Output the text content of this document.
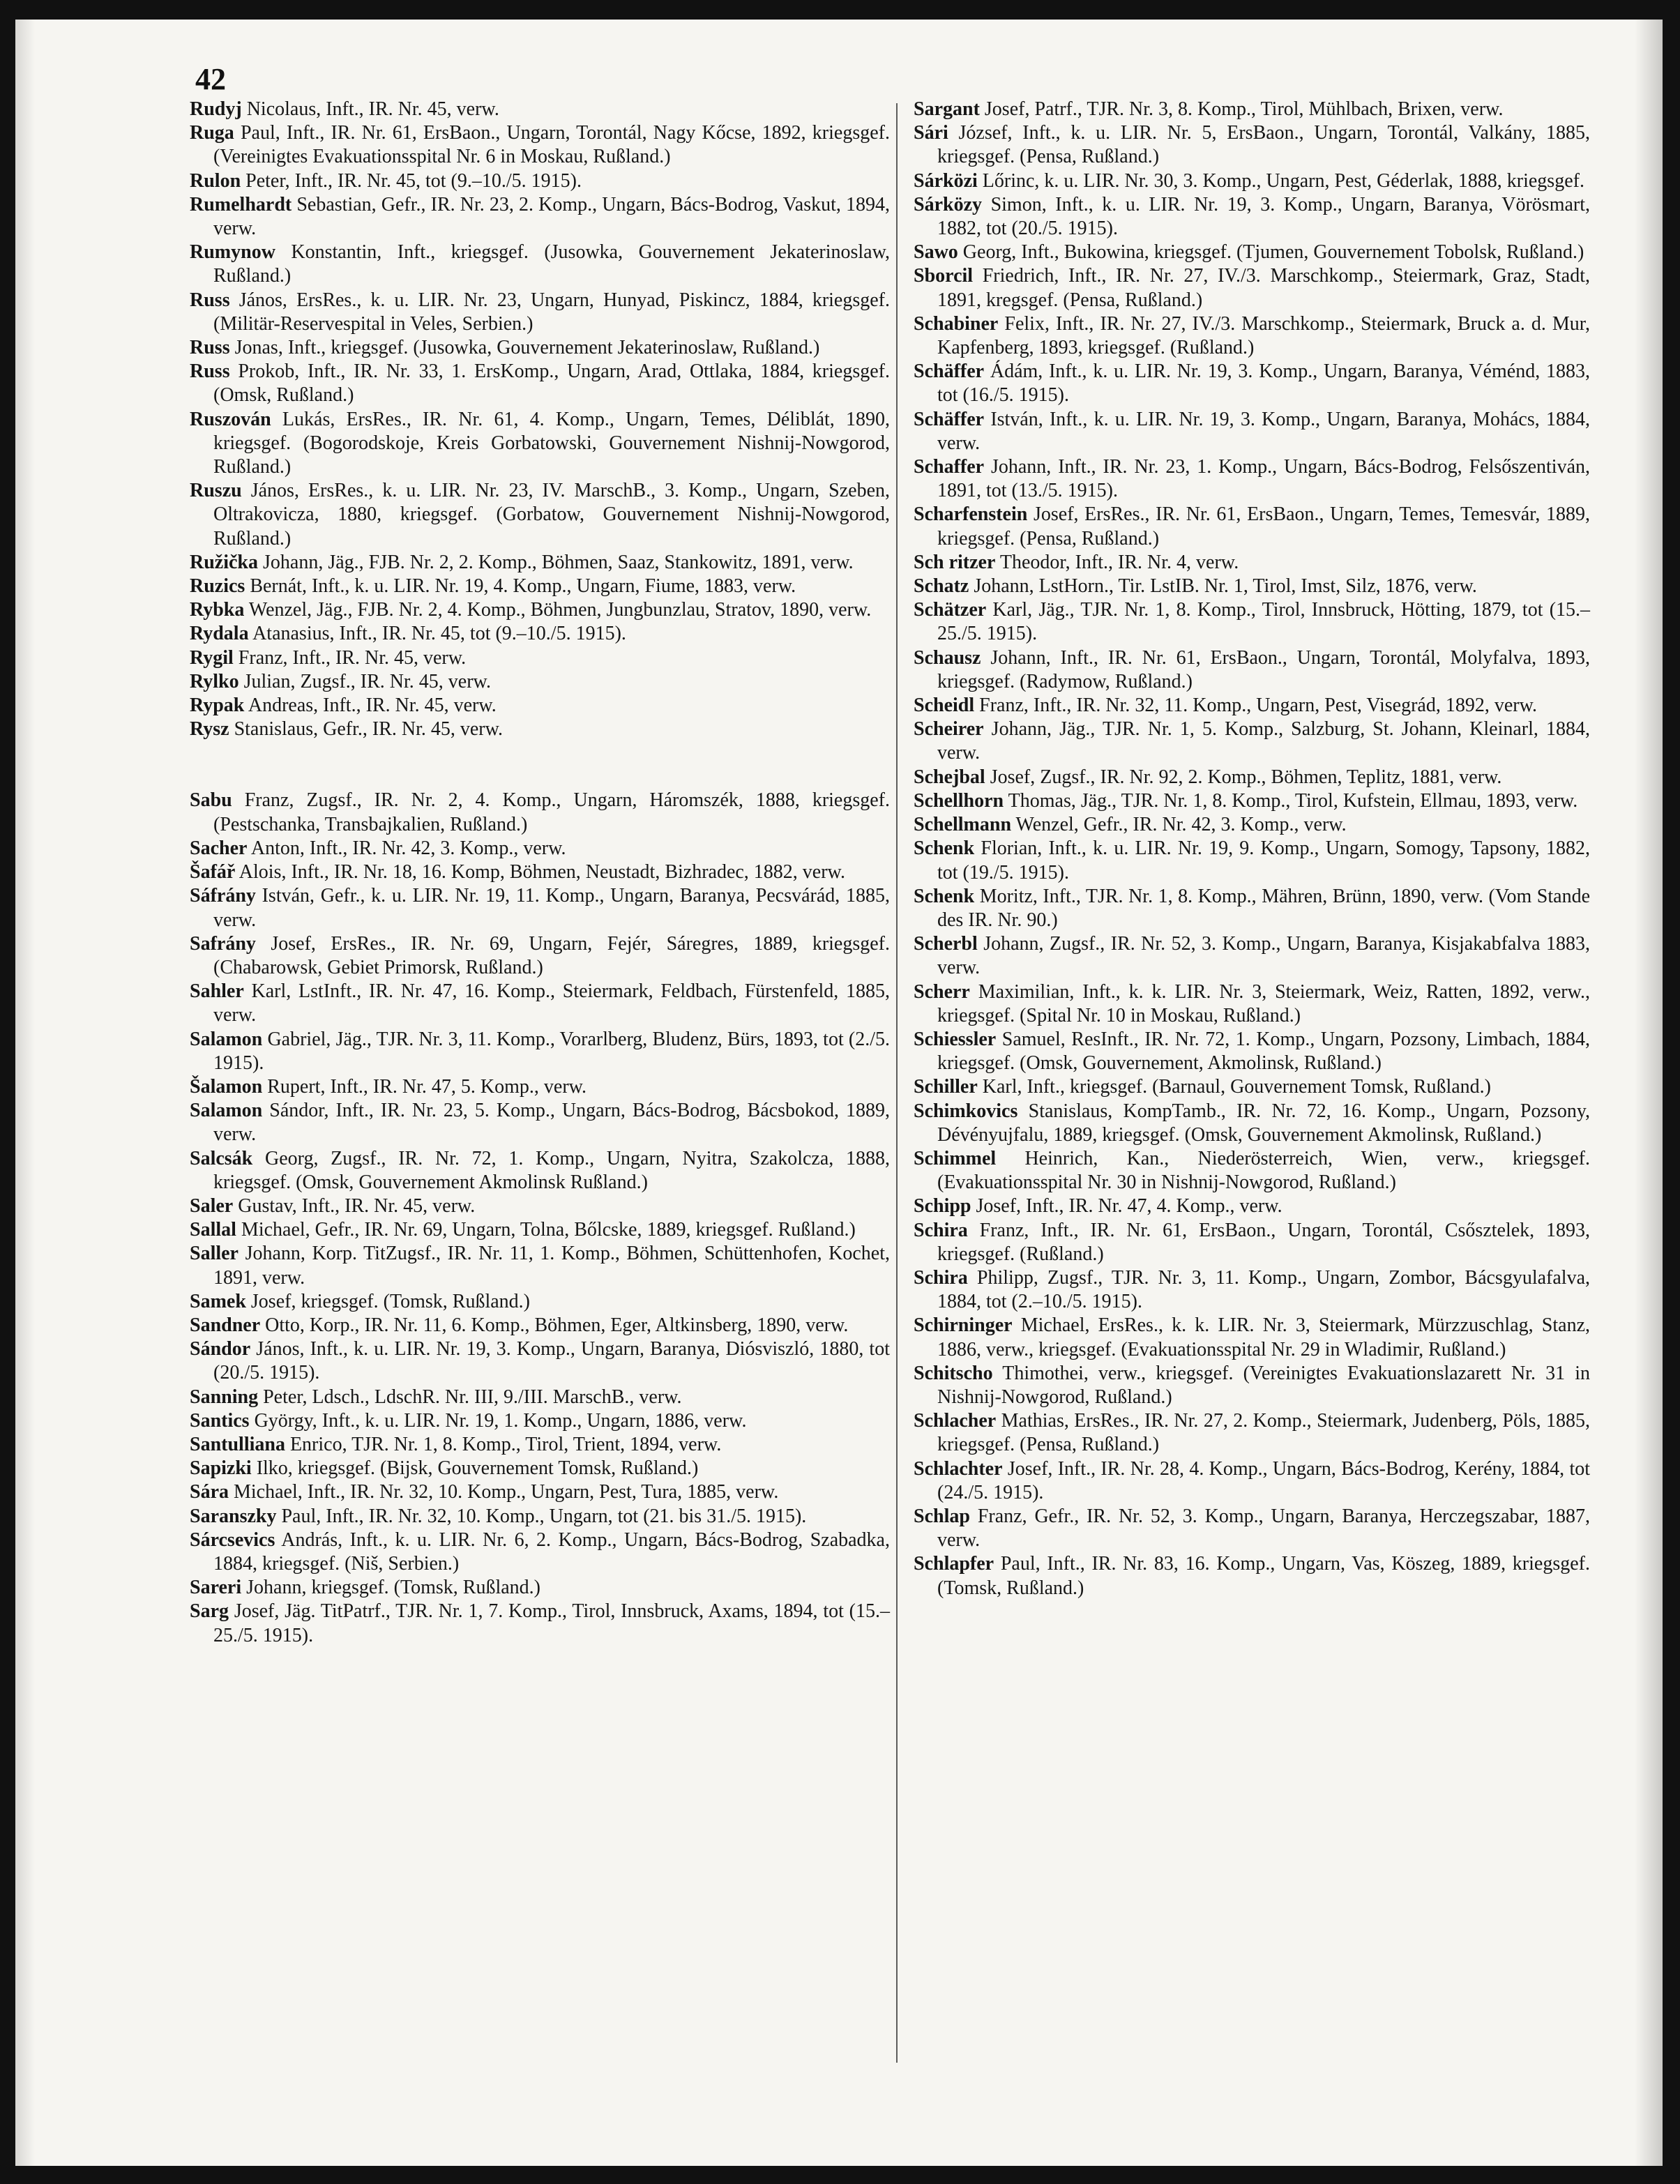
42

Rudyj Nicolaus, Inft., IR. Nr. 45, verw.

Ruga Paul, Inft., IR. Nr. 61, ErsBaon., Ungarn, Torontál, Nagy Kőcse, 1892, kriegsgef. (Vereinigtes Evakuationsspital Nr. 6 in Moskau, Rußland.)

Rulon Peter, Inft., IR. Nr. 45, tot (9.–10./5. 1915).

Rumelhardt Sebastian, Gefr., IR. Nr. 23, 2. Komp., Ungarn, Bács-Bodrog, Vaskut, 1894, verw.

Rumynow Konstantin, Inft., kriegsgef. (Jusowka, Gouvernement Jekaterinoslaw, Rußland.)

Russ János, ErsRes., k. u. LIR. Nr. 23, Ungarn, Hunyad, Piskincz, 1884, kriegsgef. (Militär-Reservespital in Veles, Serbien.)

Russ Jonas, Inft., kriegsgef. (Jusowka, Gouvernement Jekaterinoslaw, Rußland.)

Russ Prokob, Inft., IR. Nr. 33, 1. ErsKomp., Ungarn, Arad, Ottlaka, 1884, kriegsgef. (Omsk, Rußland.)

Ruszován Lukás, ErsRes., IR. Nr. 61, 4. Komp., Ungarn, Temes, Déliblát, 1890, kriegsgef. (Bogorodskoje, Kreis Gorbatowski, Gouvernement Nishnij-Nowgorod, Rußland.)

Ruszu János, ErsRes., k. u. LIR. Nr. 23, IV. MarschB., 3. Komp., Ungarn, Szeben, Oltrakovicza, 1880, kriegsgef. (Gorbatow, Gouvernement Nishnij-Nowgorod, Rußland.)

Ružička Johann, Jäg., FJB. Nr. 2, 2. Komp., Böhmen, Saaz, Stankowitz, 1891, verw.

Ruzics Bernát, Inft., k. u. LIR. Nr. 19, 4. Komp., Ungarn, Fiume, 1883, verw.

Rybka Wenzel, Jäg., FJB. Nr. 2, 4. Komp., Böhmen, Jungbunzlau, Stratov, 1890, verw.

Rydala Atanasius, Inft., IR. Nr. 45, tot (9.–10./5. 1915).

Rygil Franz, Inft., IR. Nr. 45, verw.

Rylko Julian, Zugsf., IR. Nr. 45, verw.

Rypak Andreas, Inft., IR. Nr. 45, verw.

Rysz Stanislaus, Gefr., IR. Nr. 45, verw.

Sabu Franz, Zugsf., IR. Nr. 2, 4. Komp., Ungarn, Háromszék, 1888, kriegsgef. (Pestschanka, Transbajkalien, Rußland.)

Sacher Anton, Inft., IR. Nr. 42, 3. Komp., verw.

Šafář Alois, Inft., IR. Nr. 18, 16. Komp, Böhmen, Neustadt, Bizhradec, 1882, verw.

Sáfrány István, Gefr., k. u. LIR. Nr. 19, 11. Komp., Ungarn, Baranya, Pecsvárád, 1885, verw.

Safrány Josef, ErsRes., IR. Nr. 69, Ungarn, Fejér, Sáregres, 1889, kriegsgef. (Chabarowsk, Gebiet Primorsk, Rußland.)

Sahler Karl, LstInft., IR. Nr. 47, 16. Komp., Steiermark, Feldbach, Fürstenfeld, 1885, verw.

Salamon Gabriel, Jäg., TJR. Nr. 3, 11. Komp., Vorarlberg, Bludenz, Bürs, 1893, tot (2./5. 1915).

Šalamon Rupert, Inft., IR. Nr. 47, 5. Komp., verw.

Salamon Sándor, Inft., IR. Nr. 23, 5. Komp., Ungarn, Bács-Bodrog, Bácsbokod, 1889, verw.

Salcsák Georg, Zugsf., IR. Nr. 72, 1. Komp., Ungarn, Nyitra, Szakolcza, 1888, kriegsgef. (Omsk, Gouvernement Akmolinsk Rußland.)

Saler Gustav, Inft., IR. Nr. 45, verw.

Sallal Michael, Gefr., IR. Nr. 69, Ungarn, Tolna, Bőlcske, 1889, kriegsgef. Rußland.)

Saller Johann, Korp. TitZugsf., IR. Nr. 11, 1. Komp., Böhmen, Schüttenhofen, Kochet, 1891, verw.

Samek Josef, kriegsgef. (Tomsk, Rußland.)

Sandner Otto, Korp., IR. Nr. 11, 6. Komp., Böhmen, Eger, Altkinsberg, 1890, verw.

Sándor János, Inft., k. u. LIR. Nr. 19, 3. Komp., Ungarn, Baranya, Diósviszló, 1880, tot (20./5. 1915).

Sanning Peter, Ldsch., LdschR. Nr. III, 9./III. MarschB., verw.

Santics György, Inft., k. u. LIR. Nr. 19, 1. Komp., Ungarn, 1886, verw.

Santulliana Enrico, TJR. Nr. 1, 8. Komp., Tirol, Trient, 1894, verw.

Sapizki Ilko, kriegsgef. (Bijsk, Gouvernement Tomsk, Rußland.)

Sára Michael, Inft., IR. Nr. 32, 10. Komp., Ungarn, Pest, Tura, 1885, verw.

Saranszky Paul, Inft., IR. Nr. 32, 10. Komp., Ungarn, tot (21. bis 31./5. 1915).

Sárcsevics András, Inft., k. u. LIR. Nr. 6, 2. Komp., Ungarn, Bács-Bodrog, Szabadka, 1884, kriegsgef. (Niš, Serbien.)

Sareri Johann, kriegsgef. (Tomsk, Rußland.)

Sarg Josef, Jäg. TitPatrf., TJR. Nr. 1, 7. Komp., Tirol, Innsbruck, Axams, 1894, tot (15.–25./5. 1915).

Sargant Josef, Patrf., TJR. Nr. 3, 8. Komp., Tirol, Mühlbach, Brixen, verw.

Sári József, Inft., k. u. LIR. Nr. 5, ErsBaon., Ungarn, Torontál, Valkány, 1885, kriegsgef. (Pensa, Rußland.)

Sárközi Lőrinc, k. u. LIR. Nr. 30, 3. Komp., Ungarn, Pest, Géderlak, 1888, kriegsgef.

Sárközy Simon, Inft., k. u. LIR. Nr. 19, 3. Komp., Ungarn, Baranya, Vörösmart, 1882, tot (20./5. 1915).

Sawo Georg, Inft., Bukowina, kriegsgef. (Tjumen, Gouvernement Tobolsk, Rußland.)

Sborcil Friedrich, Inft., IR. Nr. 27, IV./3. Marschkomp., Steiermark, Graz, Stadt, 1891, kregsgef. (Pensa, Rußland.)

Schabiner Felix, Inft., IR. Nr. 27, IV./3. Marschkomp., Steiermark, Bruck a. d. Mur, Kapfenberg, 1893, kriegsgef. (Rußland.)

Schäffer Ádám, Inft., k. u. LIR. Nr. 19, 3. Komp., Ungarn, Baranya, Véménd, 1883, tot (16./5. 1915).

Schäffer István, Inft., k. u. LIR. Nr. 19, 3. Komp., Ungarn, Baranya, Mohács, 1884, verw.

Schaffer Johann, Inft., IR. Nr. 23, 1. Komp., Ungarn, Bács-Bodrog, Felsőszentiván, 1891, tot (13./5. 1915).

Scharfenstein Josef, ErsRes., IR. Nr. 61, ErsBaon., Ungarn, Temes, Temesvár, 1889, kriegsgef. (Pensa, Rußland.)

Sch ritzer Theodor, Inft., IR. Nr. 4, verw.

Schatz Johann, LstHorn., Tir. LstIB. Nr. 1, Tirol, Imst, Silz, 1876, verw.

Schätzer Karl, Jäg., TJR. Nr. 1, 8. Komp., Tirol, Innsbruck, Hötting, 1879, tot (15.–25./5. 1915).

Schausz Johann, Inft., IR. Nr. 61, ErsBaon., Ungarn, Torontál, Molyfalva, 1893, kriegsgef. (Radymow, Rußland.)

Scheidl Franz, Inft., IR. Nr. 32, 11. Komp., Ungarn, Pest, Visegrád, 1892, verw.

Scheirer Johann, Jäg., TJR. Nr. 1, 5. Komp., Salzburg, St. Johann, Kleinarl, 1884, verw.

Schejbal Josef, Zugsf., IR. Nr. 92, 2. Komp., Böhmen, Teplitz, 1881, verw.

Schellhorn Thomas, Jäg., TJR. Nr. 1, 8. Komp., Tirol, Kufstein, Ellmau, 1893, verw.

Schellmann Wenzel, Gefr., IR. Nr. 42, 3. Komp., verw.

Schenk Florian, Inft., k. u. LIR. Nr. 19, 9. Komp., Ungarn, Somogy, Tapsony, 1882, tot (19./5. 1915).

Schenk Moritz, Inft., TJR. Nr. 1, 8. Komp., Mähren, Brünn, 1890, verw. (Vom Stande des IR. Nr. 90.)

Scherbl Johann, Zugsf., IR. Nr. 52, 3. Komp., Ungarn, Baranya, Kisjakabfalva 1883, verw.

Scherr Maximilian, Inft., k. k. LIR. Nr. 3, Steiermark, Weiz, Ratten, 1892, verw., kriegsgef. (Spital Nr. 10 in Moskau, Rußland.)

Schiessler Samuel, ResInft., IR. Nr. 72, 1. Komp., Ungarn, Pozsony, Limbach, 1884, kriegsgef. (Omsk, Gouvernement, Akmolinsk, Rußland.)

Schiller Karl, Inft., kriegsgef. (Barnaul, Gouvernement Tomsk, Rußland.)

Schimkovics Stanislaus, KompTamb., IR. Nr. 72, 16. Komp., Ungarn, Pozsony, Dévényujfalu, 1889, kriegsgef. (Omsk, Gouvernement Akmolinsk, Rußland.)

Schimmel Heinrich, Kan., Niederösterreich, Wien, verw., kriegsgef. (Evakuationsspital Nr. 30 in Nishnij-Nowgorod, Rußland.)

Schipp Josef, Inft., IR. Nr. 47, 4. Komp., verw.

Schira Franz, Inft., IR. Nr. 61, ErsBaon., Ungarn, Torontál, Csősztelek, 1893, kriegsgef. (Rußland.)

Schira Philipp, Zugsf., TJR. Nr. 3, 11. Komp., Ungarn, Zombor, Bácsgyulafalva, 1884, tot (2.–10./5. 1915).

Schirninger Michael, ErsRes., k. k. LIR. Nr. 3, Steiermark, Mürzzuschlag, Stanz, 1886, verw., kriegsgef. (Evakuationsspital Nr. 29 in Wladimir, Rußland.)

Schitscho Thimothei, verw., kriegsgef. (Vereinigtes Evakuationslazarett Nr. 31 in Nishnij-Nowgorod, Rußland.)

Schlacher Mathias, ErsRes., IR. Nr. 27, 2. Komp., Steiermark, Judenberg, Pöls, 1885, kriegsgef. (Pensa, Rußland.)

Schlachter Josef, Inft., IR. Nr. 28, 4. Komp., Ungarn, Bács-Bodrog, Kerény, 1884, tot (24./5. 1915).

Schlap Franz, Gefr., IR. Nr. 52, 3. Komp., Ungarn, Baranya, Herczegszabar, 1887, verw.

Schlapfer Paul, Inft., IR. Nr. 83, 16. Komp., Ungarn, Vas, Köszeg, 1889, kriegsgef. (Tomsk, Rußland.)
